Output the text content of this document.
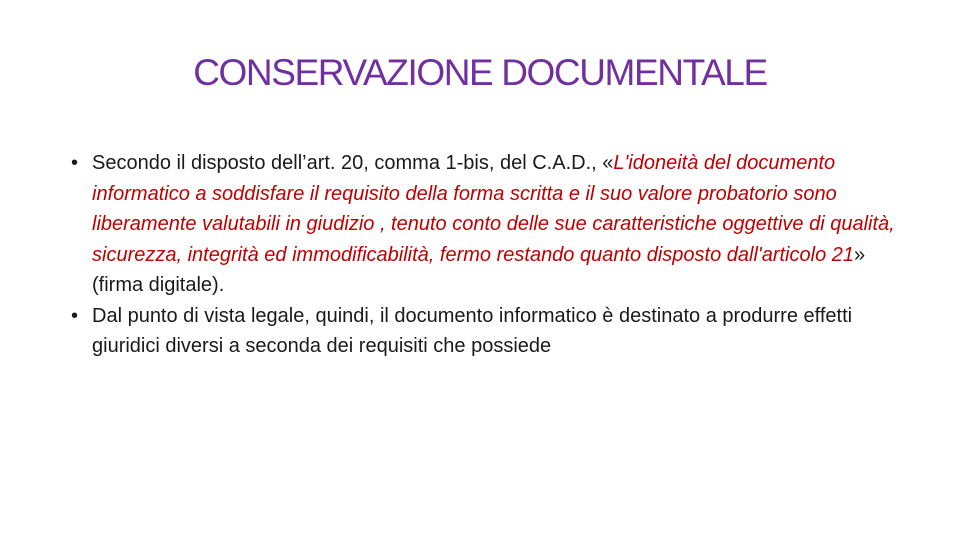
CONSERVAZIONE DOCUMENTALE
• Secondo il disposto dell’art. 20, comma 1-bis, del C.A.D., «L'idoneità del documento informatico a soddisfare il requisito della forma scritta e il suo valore probatorio sono liberamente valutabili in giudizio , tenuto conto delle sue caratteristiche oggettive di qualità, sicurezza, integrità ed immodificabilità, fermo restando quanto disposto dall'articolo 21» (firma digitale).
• Dal punto di vista legale, quindi, il documento informatico è destinato a produrre effetti giuridici diversi a seconda dei requisiti che possiede
